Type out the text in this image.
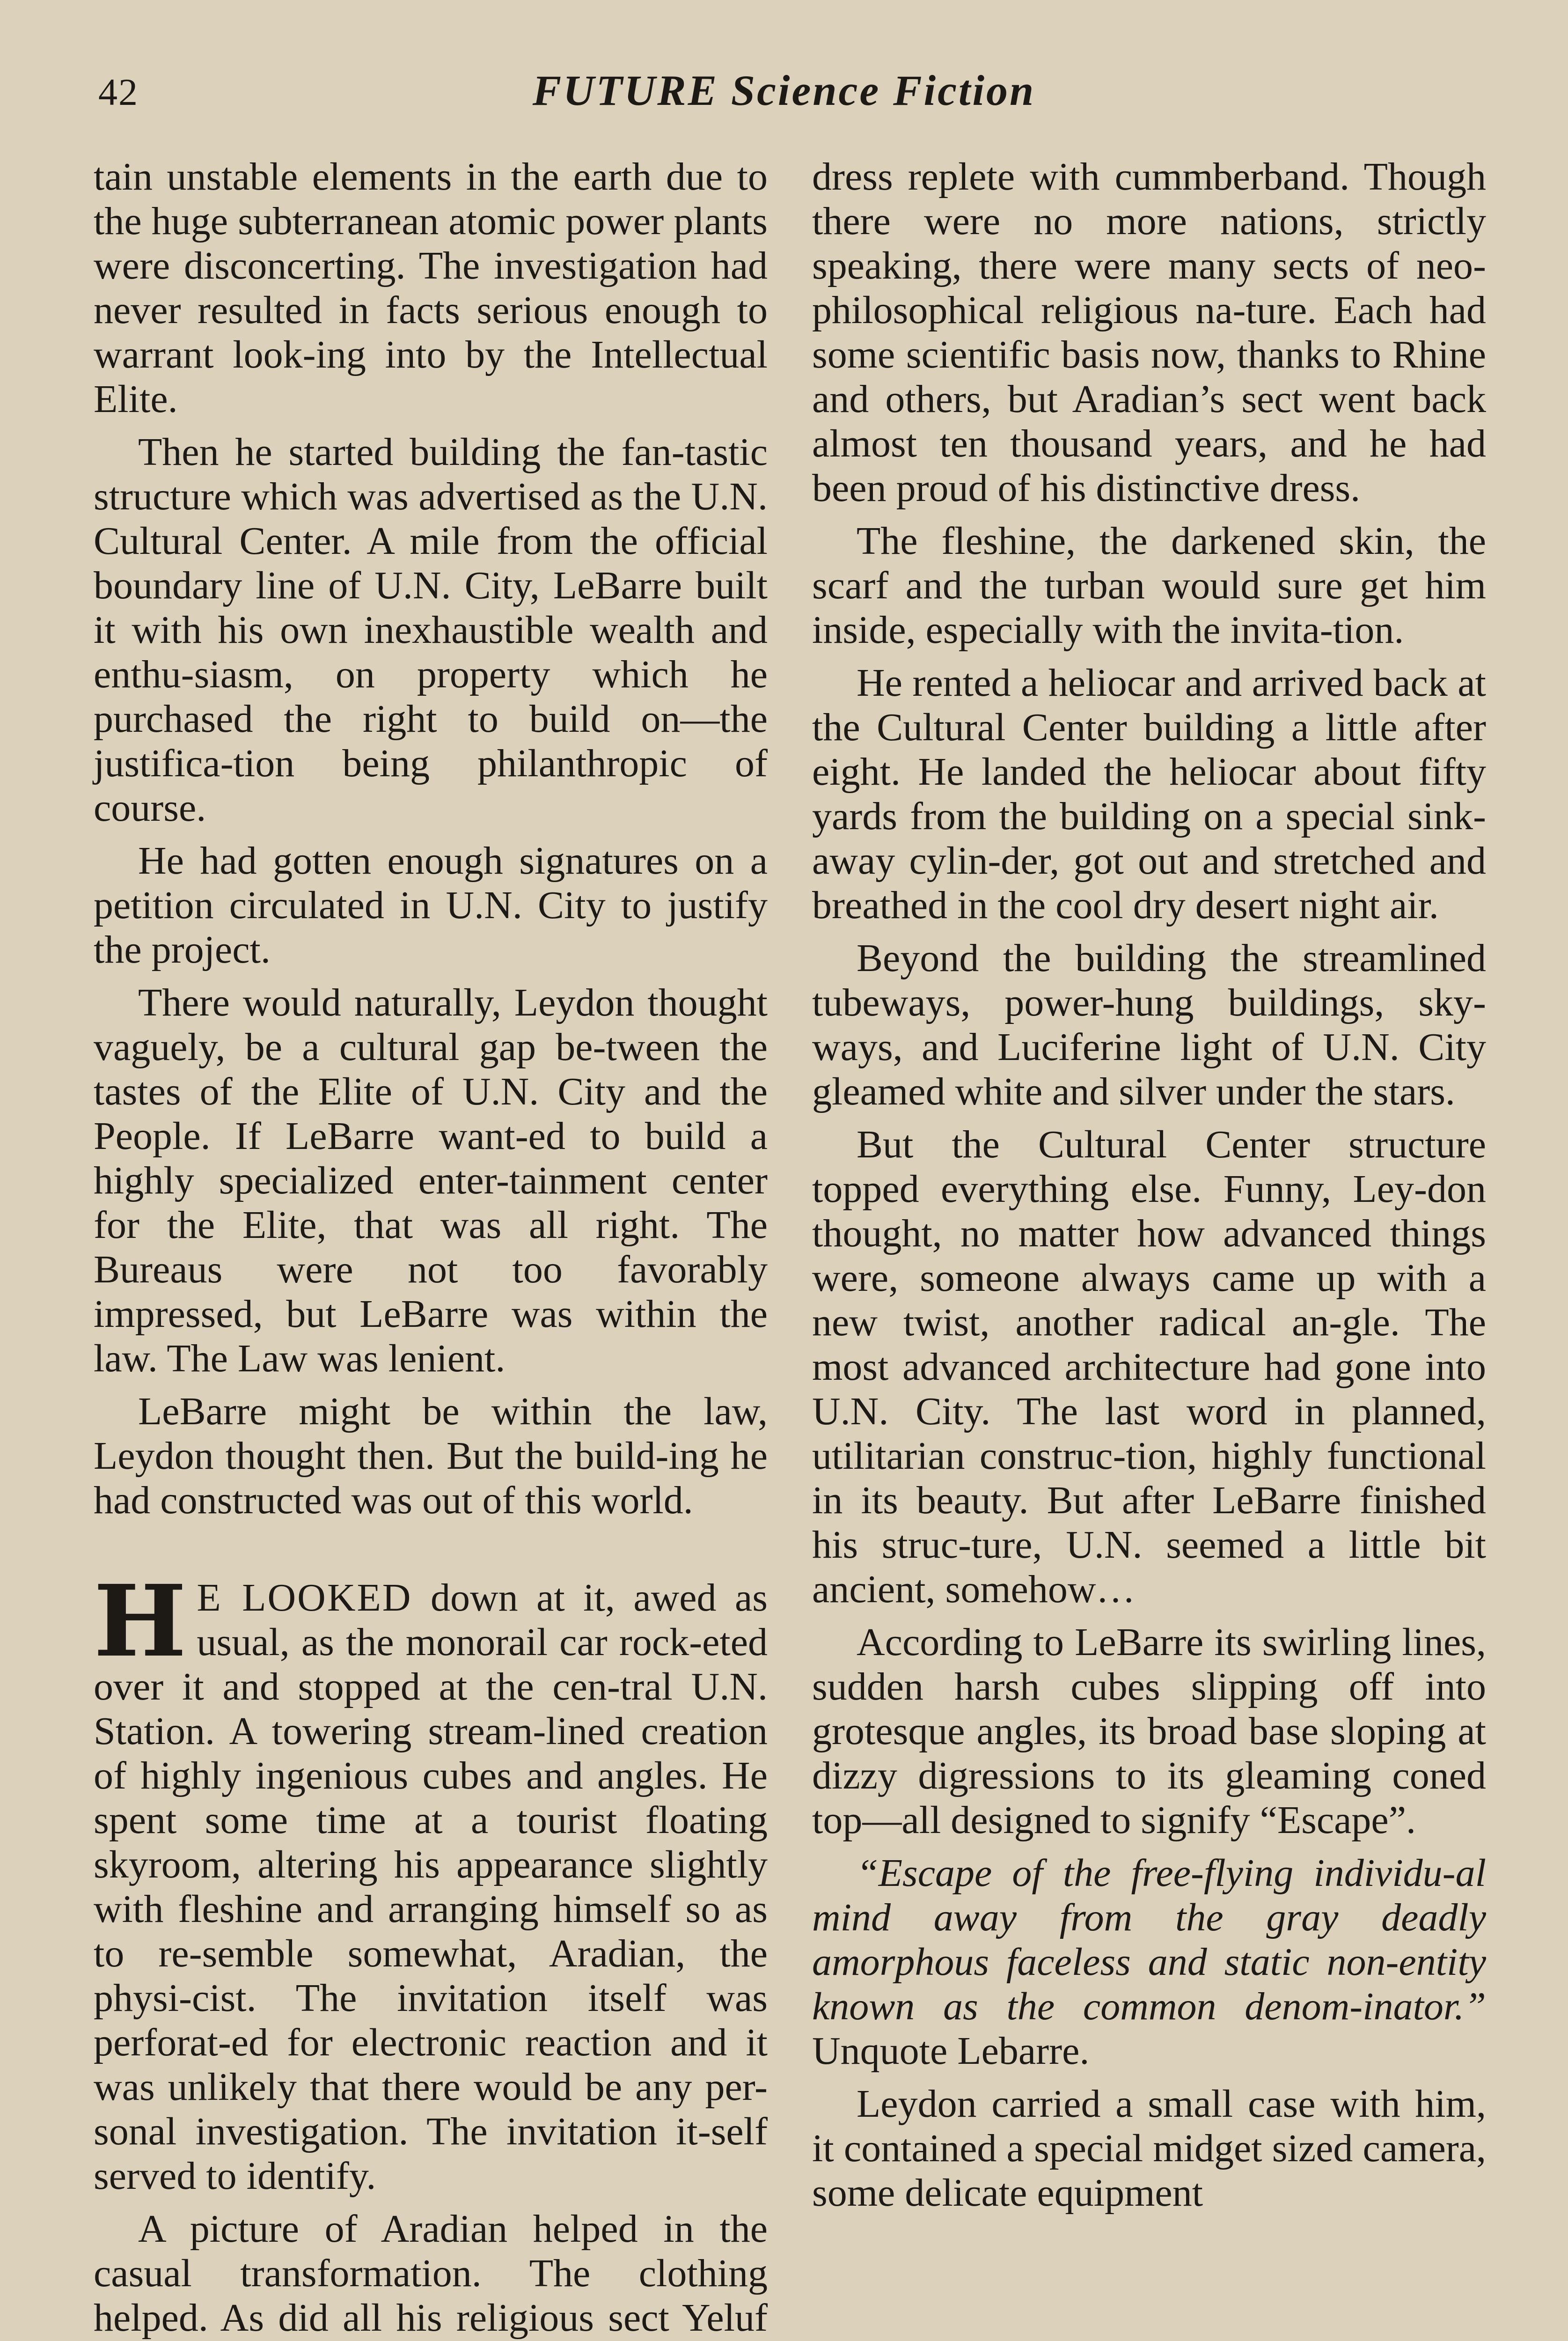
42	FUTURE Science Fiction

tain unstable elements in the earth due to the huge subterranean atomic power plants were disconcerting. The investigation had never resulted in facts serious enough to warrant look-ing into by the Intellectual Elite.

Then he started building the fan-tastic structure which was advertised as the U.N. Cultural Center. A mile from the official boundary line of U.N. City, LeBarre built it with his own inexhaustible wealth and enthu-siasm, on property which he purchased the right to build on—the justifica-tion being philanthropic of course.

He had gotten enough signatures on a petition circulated in U.N. City to justify the project.

There would naturally, Leydon thought vaguely, be a cultural gap be-tween the tastes of the Elite of U.N. City and the People. If LeBarre want-ed to build a highly specialized enter-tainment center for the Elite, that was all right. The Bureaus were not too favorably impressed, but LeBarre was within the law. The Law was lenient.

LeBarre might be within the law, Leydon thought then. But the build-ing he had constructed was out of this world.

H E LOOKED down at it, awed as usual, as the monorail car rock-eted over it and stopped at the cen-tral U.N. Station. A towering stream-lined creation of highly ingenious cubes and angles. He spent some time at a tourist floating skyroom, altering his appearance slightly with fleshine and arranging himself so as to re-semble somewhat, Aradian, the physi-cist. The invitation itself was perforat-ed for electronic reaction and it was unlikely that there would be any per-sonal investigation. The invitation it-self served to identify.

A picture of Aradian helped in the casual transformation. The clothing helped. As did all his religious sect Yeluf

dress replete with cummberband. Though there were no more nations, strictly speaking, there were many sects of neo-philosophical religious na-ture. Each had some scientific basis now, thanks to Rhine and others, but Aradian’s sect went back almost ten thousand years, and he had been proud of his distinctive dress.

The fleshine, the darkened skin, the scarf and the turban would sure get him inside, especially with the invita-tion.

He rented a heliocar and arrived back at the Cultural Center building a little after eight. He landed the heliocar about fifty yards from the building on a special sink-away cylin-der, got out and stretched and breathed in the cool dry desert night air.

Beyond the building the streamlined tubeways, power-hung buildings, sky-ways, and Luciferine light of U.N. City gleamed white and silver under the stars.

But the Cultural Center structure topped everything else. Funny, Ley-don thought, no matter how advanced things were, someone always came up with a new twist, another radical an-gle. The most advanced architecture had gone into U.N. City. The last word in planned, utilitarian construc-tion, highly functional in its beauty. But after LeBarre finished his struc-ture, U.N. seemed a little bit ancient, somehow…

According to LeBarre its swirling lines, sudden harsh cubes slipping off into grotesque angles, its broad base sloping at dizzy digressions to its gleaming coned top—all designed to signify “Escape”.

“Escape of the free-flying individu-al mind away from the gray deadly amorphous faceless and static non-entity known as the common denom-inator.” Unquote Lebarre.

Leydon carried a small case with him, it contained a special midget sized camera, some delicate equipment
